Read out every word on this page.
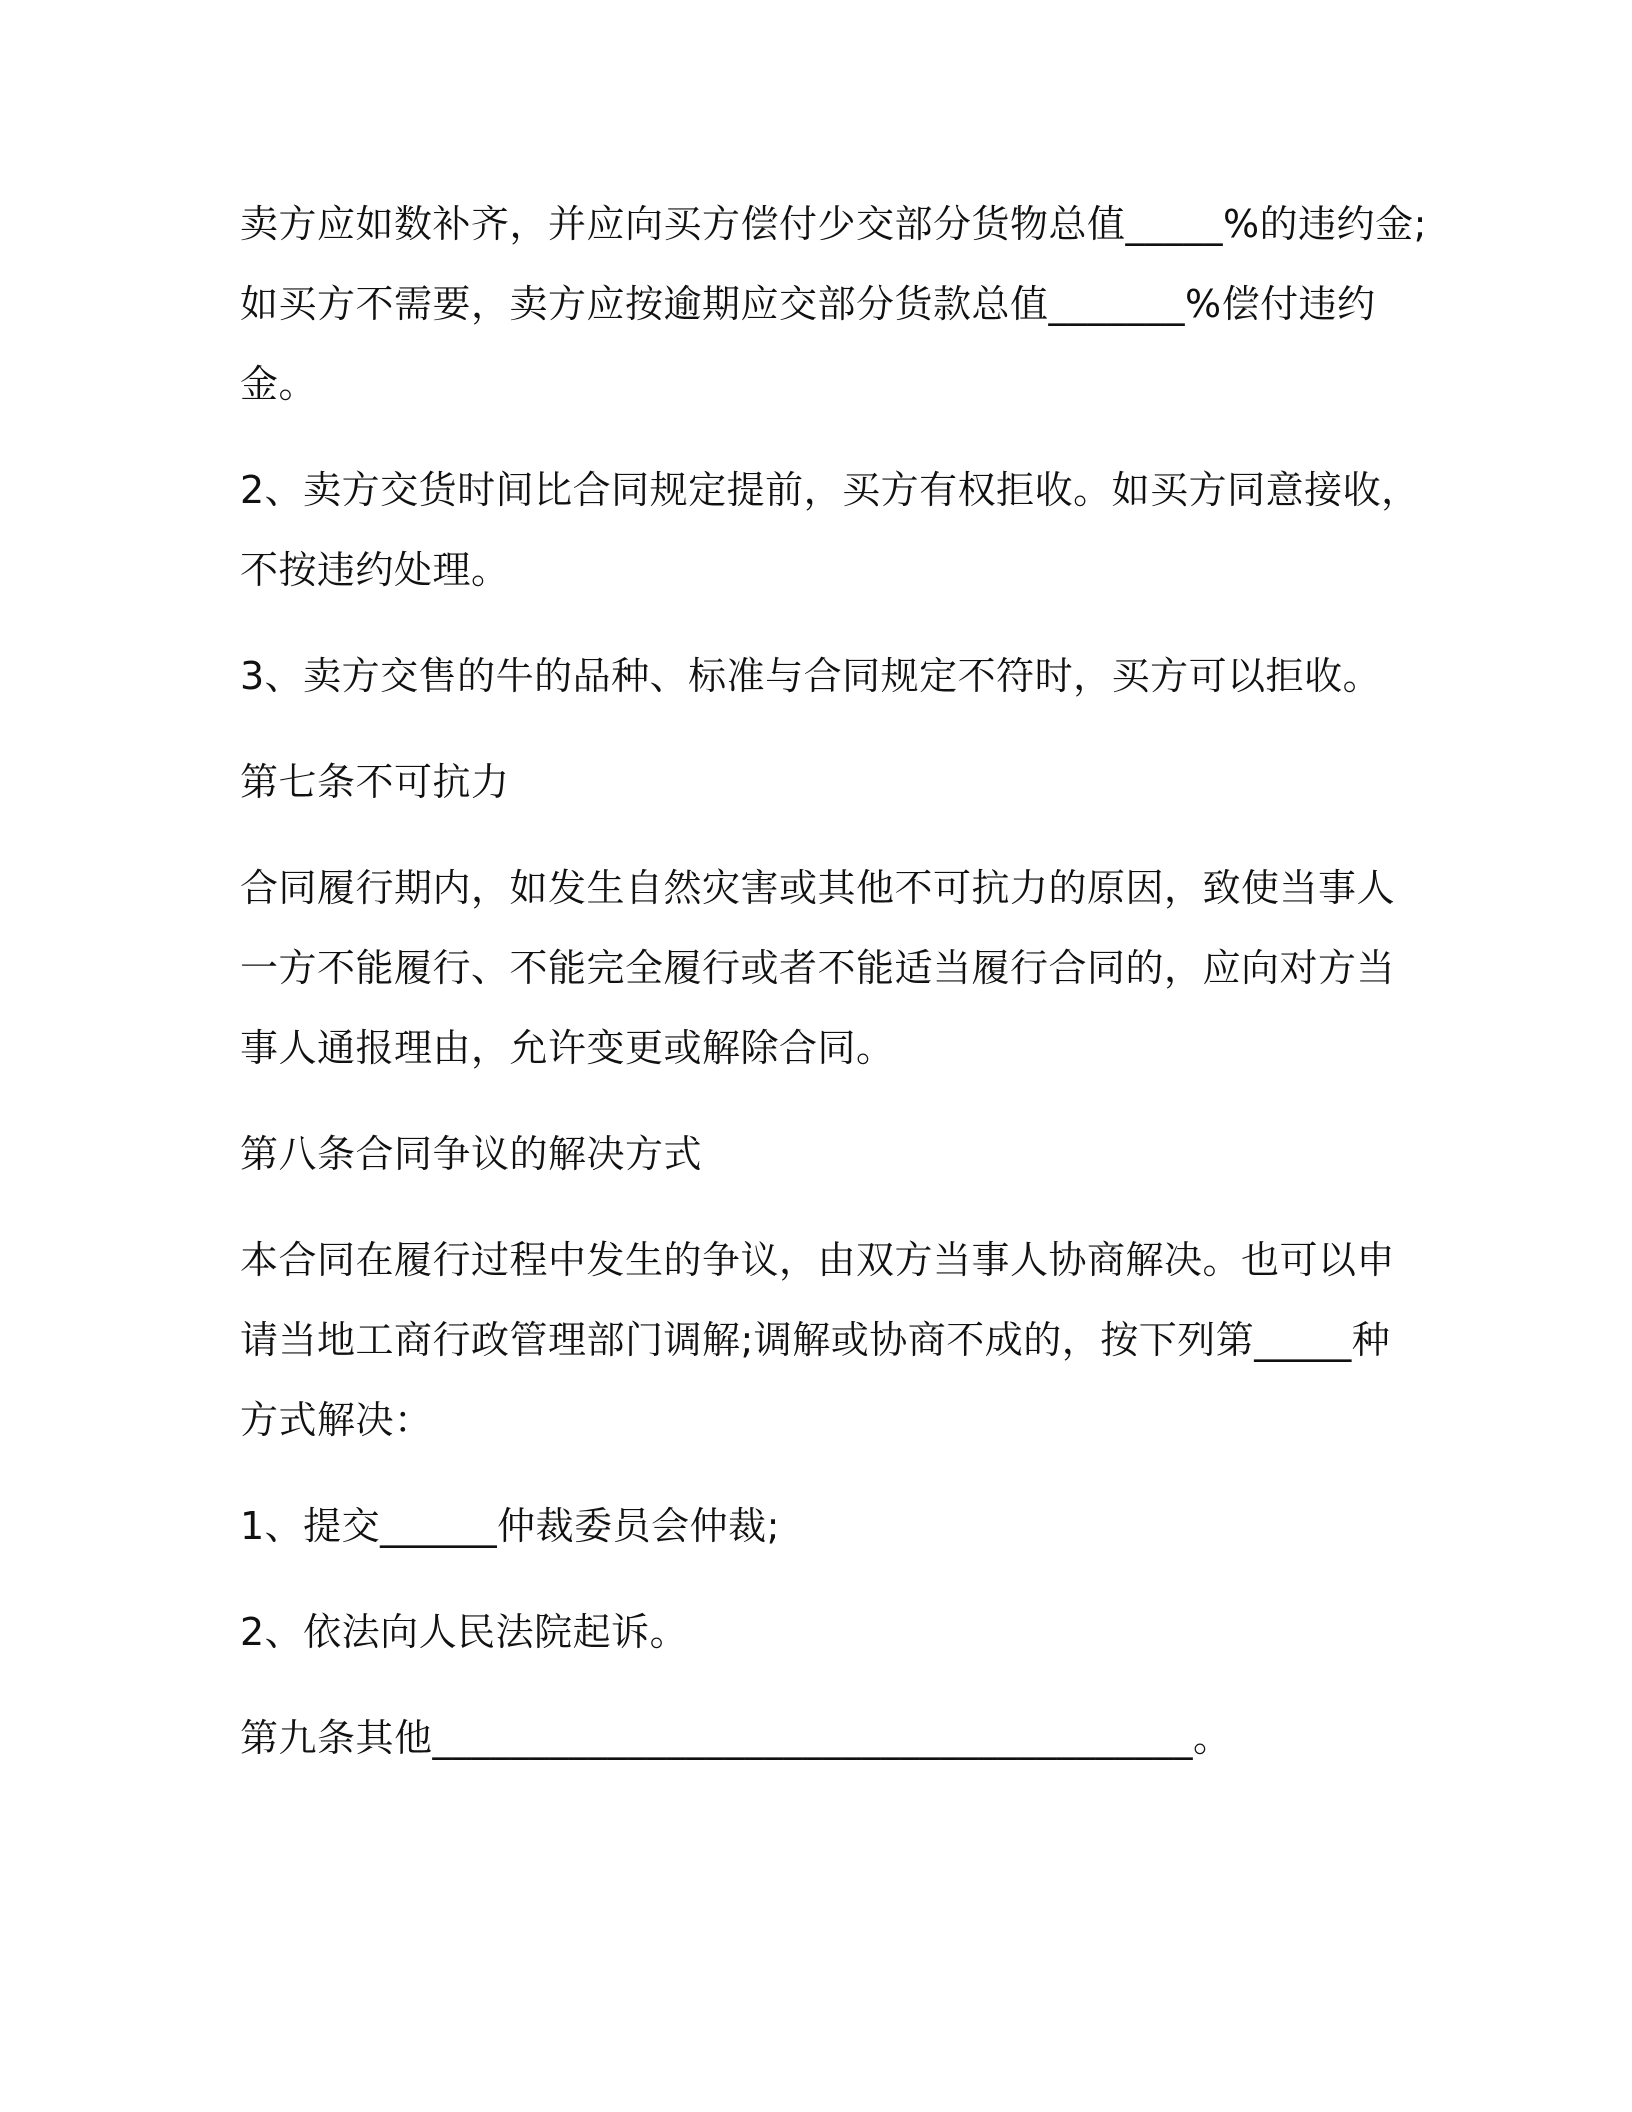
卖方应如数补齐，并应向买方偿付少交部分货物总值_____%的违约金;
如买方不需要，卖方应按逾期应交部分货款总值_______%偿付违约
金。
2、卖方交货时间比合同规定提前，买方有权拒收。如买方同意接收，
不按违约处理。
3、卖方交售的牛的品种、标准与合同规定不符时，买方可以拒收。
第七条不可抗力
合同履行期内，如发生自然灾害或其他不可抗力的原因，致使当事人
一方不能履行、不能完全履行或者不能适当履行合同的，应向对方当
事人通报理由，允许变更或解除合同。
第八条合同争议的解决方式
本合同在履行过程中发生的争议，由双方当事人协商解决。也可以申
请当地工商行政管理部门调解;调解或协商不成的，按下列第_____种
方式解决：
1、提交______仲裁委员会仲裁;
2、依法向人民法院起诉。
第九条其他_______________________________________。
